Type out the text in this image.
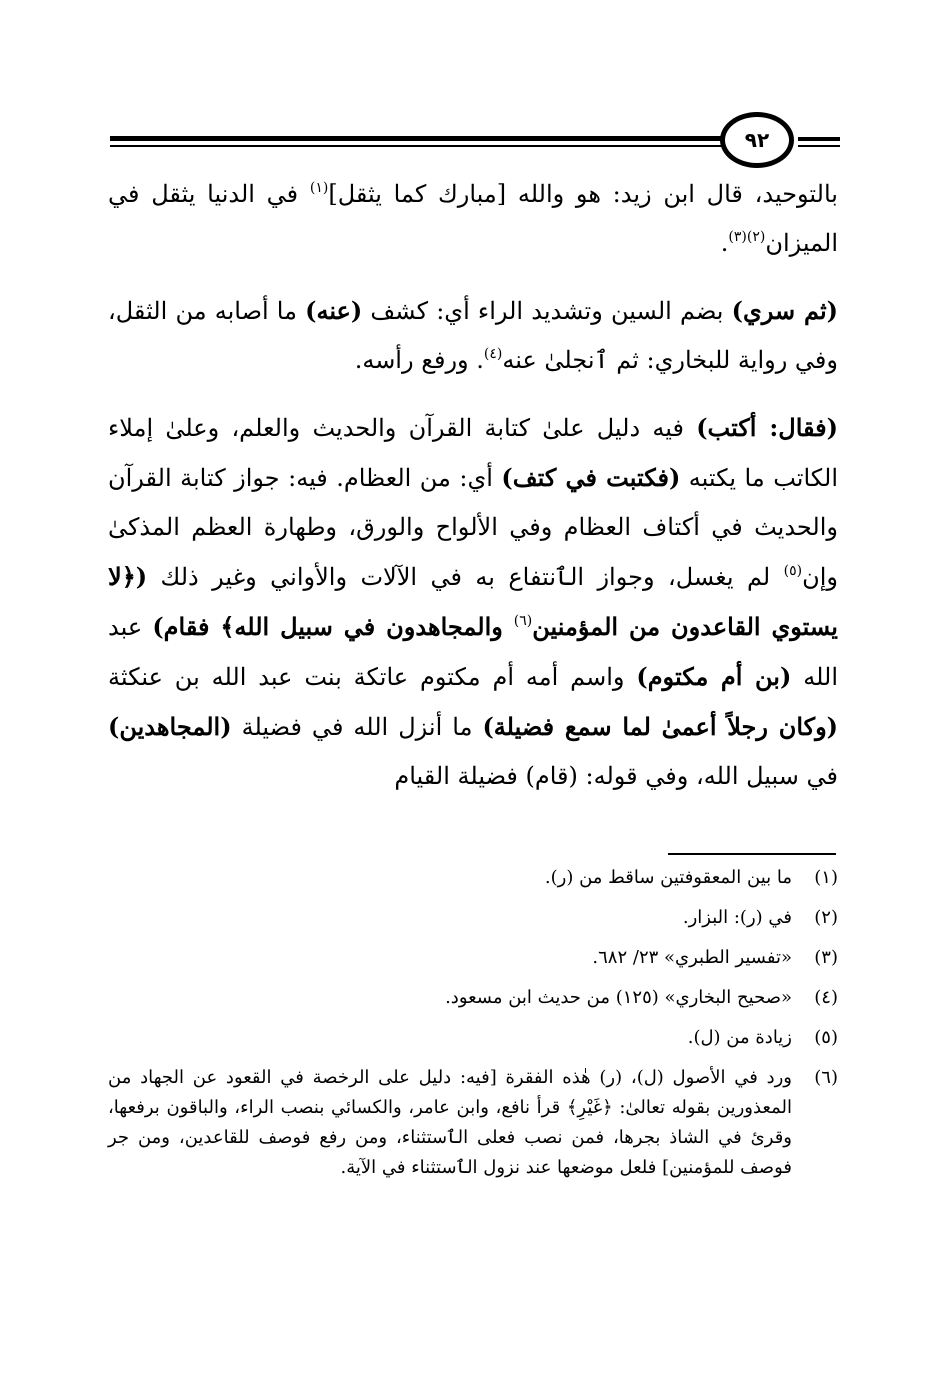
٩٢

بالتوحيد، قال ابن زيد: هو والله [مبارك كما يثقل]$^{(١)}$ في الدنيا يثقل في الميزان$^{(٢)(٣)}$.

(ثم سري) بضم السين وتشديد الراء أي: كشف (عنه) ما أصابه من الثقل، وفي رواية للبخاري: ثم ٱنجلىٰ عنه$^{(٤)}$. ورفع رأسه.

(فقال: أكتب) فيه دليل علىٰ كتابة القرآن والحديث والعلم، وعلىٰ إملاء الكاتب ما يكتبه (فكتبت في كتف) أي: من العظام. فيه: جواز كتابة القرآن والحديث في أكتاف العظام وفي الألواح والورق، وطهارة العظم المذكىٰ وإن$^{(٥)}$ لم يغسل، وجواز الٱنتفاع به في الآلات والأواني وغير ذلك (﴿لا يستوي القاعدون من المؤمنين$^{(٦)}$ والمجاهدون في سبيل الله﴾ فقام) عبد الله (بن أم مكتوم) واسم أمه أم مكتوم عاتكة بنت عبد الله بن عنكثة (وكان رجلاً أعمىٰ لما سمع فضيلة) ما أنزل الله في فضيلة (المجاهدين) في سبيل الله، وفي قوله: (قام) فضيلة القيام

(١)
ما بين المعقوفتين ساقط من (ر).
(٢)
في (ر): البزار.
(٣)
«تفسير الطبري» ٢٣/ ٦٨٢.
(٤)
«صحيح البخاري» (١٢٥) من حديث ابن مسعود.
(٥)
زيادة من (ل).
(٦)
ورد في الأصول (ل)، (ر) هٰذه الفقرة [فيه: دليل على الرخصة في القعود عن الجهاد من المعذورين بقوله تعالىٰ: ﴿غَيْرِ﴾ قرأ نافع، وابن عامر، والكسائي بنصب الراء، والباقون برفعها، وقرئ في الشاذ بجرها، فمن نصب فعلى الٱستثناء، ومن رفع فوصف للقاعدين، ومن جر فوصف للمؤمنين] فلعل موضعها عند نزول الٱستثناء في الآية.
